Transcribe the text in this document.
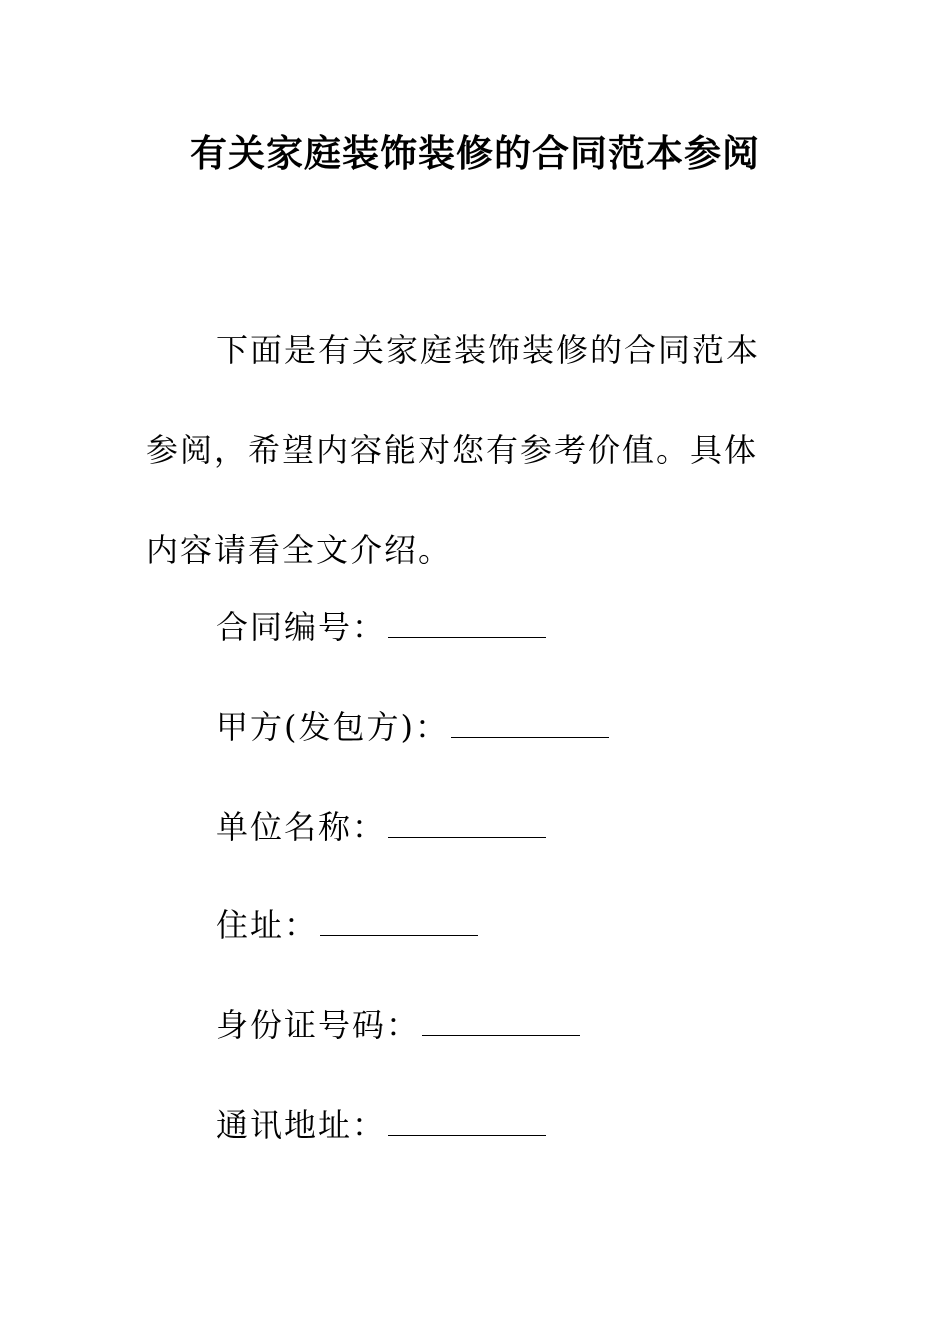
有关家庭装饰装修的合同范本参阅

下面是有关家庭装饰装修的合同范本参阅，希望内容能对您有参考价值。具体内容请看全文介绍。

合同编号：
甲方(发包方)：
单位名称：
住址：
身份证号码：
通讯地址：
